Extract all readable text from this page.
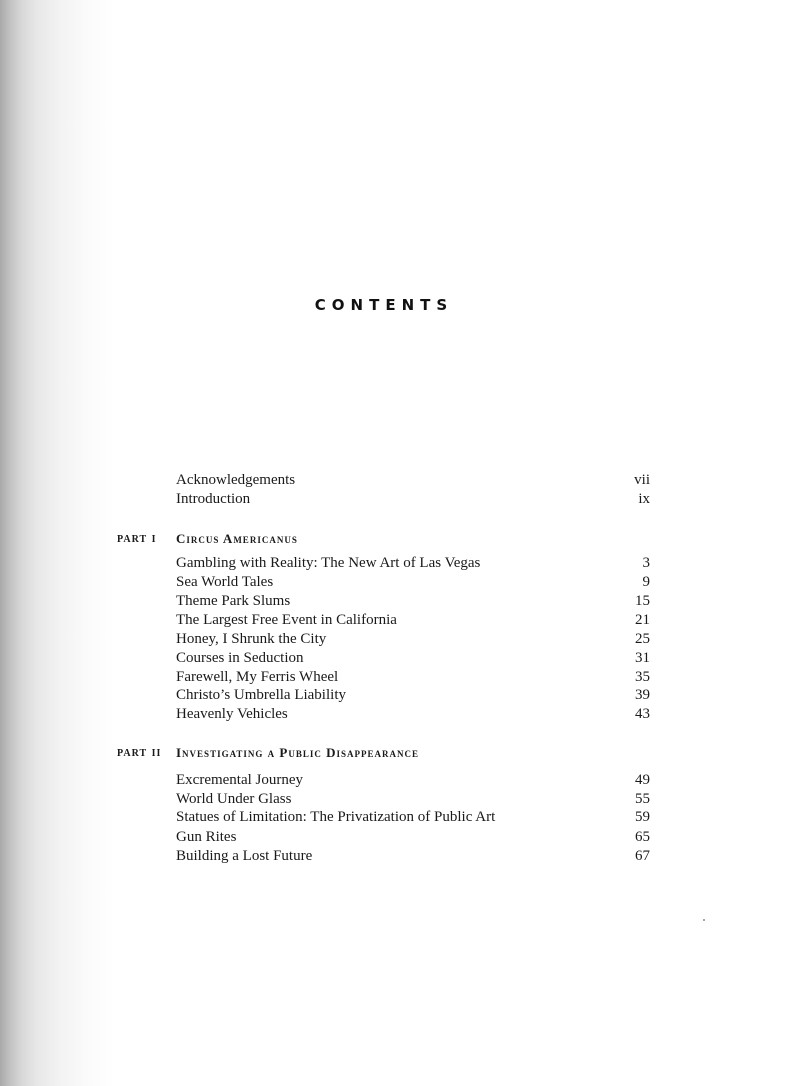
CONTENTS
Acknowledgements	vii
Introduction	ix
part i Circus Americanus
Gambling with Reality: The New Art of Las Vegas	3
Sea World Tales	9
Theme Park Slums	15
The Largest Free Event in California	21
Honey, I Shrunk the City	25
Courses in Seduction	31
Farewell, My Ferris Wheel	35
Christo’s Umbrella Liability	39
Heavenly Vehicles	43
part ii Investigating a Public Disappearance
Excremental Journey	49
World Under Glass	55
Statues of Limitation: The Privatization of Public Art	59
Gun Rites	65
Building a Lost Future	67
